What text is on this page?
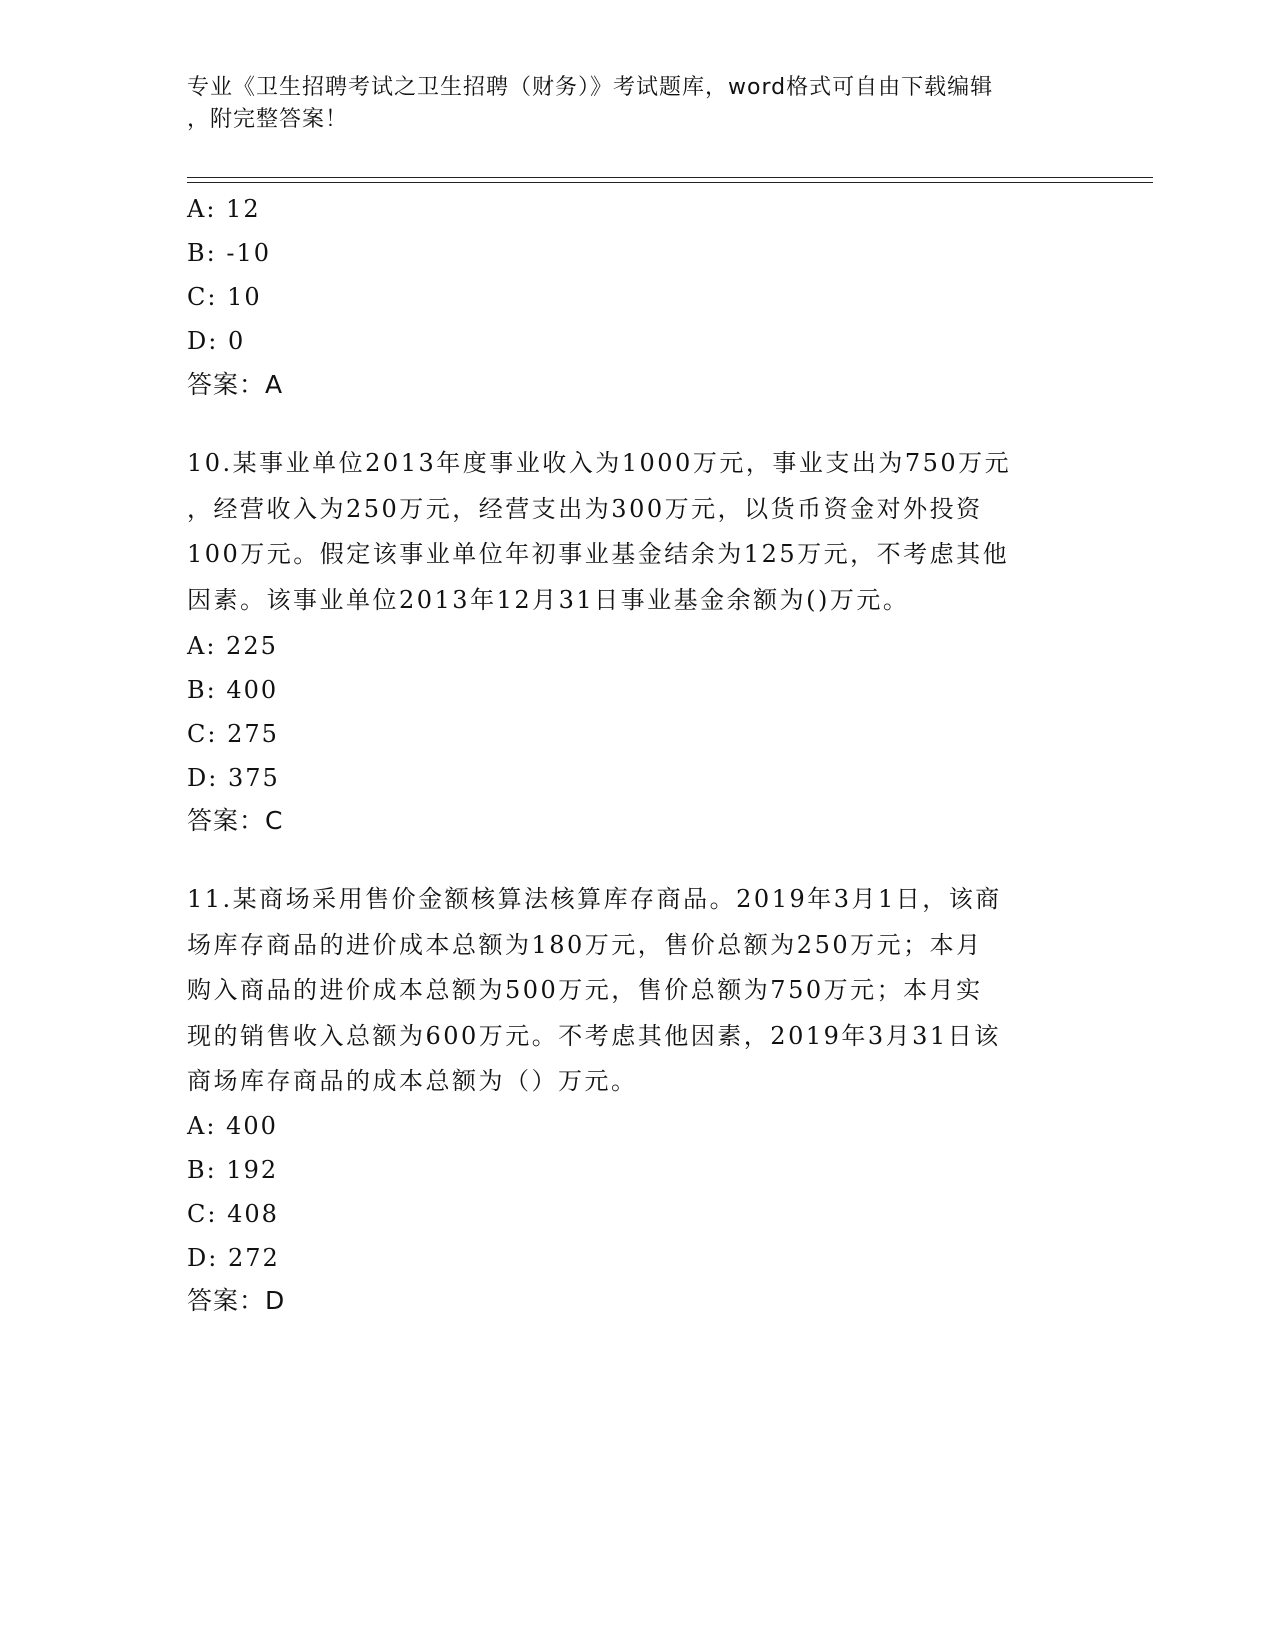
专业《卫生招聘考试之卫生招聘（财务）》考试题库，word格式可自由下载编辑
，附完整答案！
A: 12
B: -10
C: 10
D: 0
答案：A
10.某事业单位2013年度事业收入为1000万元，事业支出为750万元
，经营收入为250万元，经营支出为300万元，以货币资金对外投资
100万元。假定该事业单位年初事业基金结余为125万元，不考虑其他
因素。该事业单位2013年12月31日事业基金余额为()万元。
A: 225
B: 400
C: 275
D: 375
答案：C
11.某商场采用售价金额核算法核算库存商品。2019年3月1日，该商
场库存商品的进价成本总额为180万元，售价总额为250万元；本月
购入商品的进价成本总额为500万元，售价总额为750万元；本月实
现的销售收入总额为600万元。不考虑其他因素，2019年3月31日该
商场库存商品的成本总额为（）万元。
A: 400
B: 192
C: 408
D: 272
答案：D
